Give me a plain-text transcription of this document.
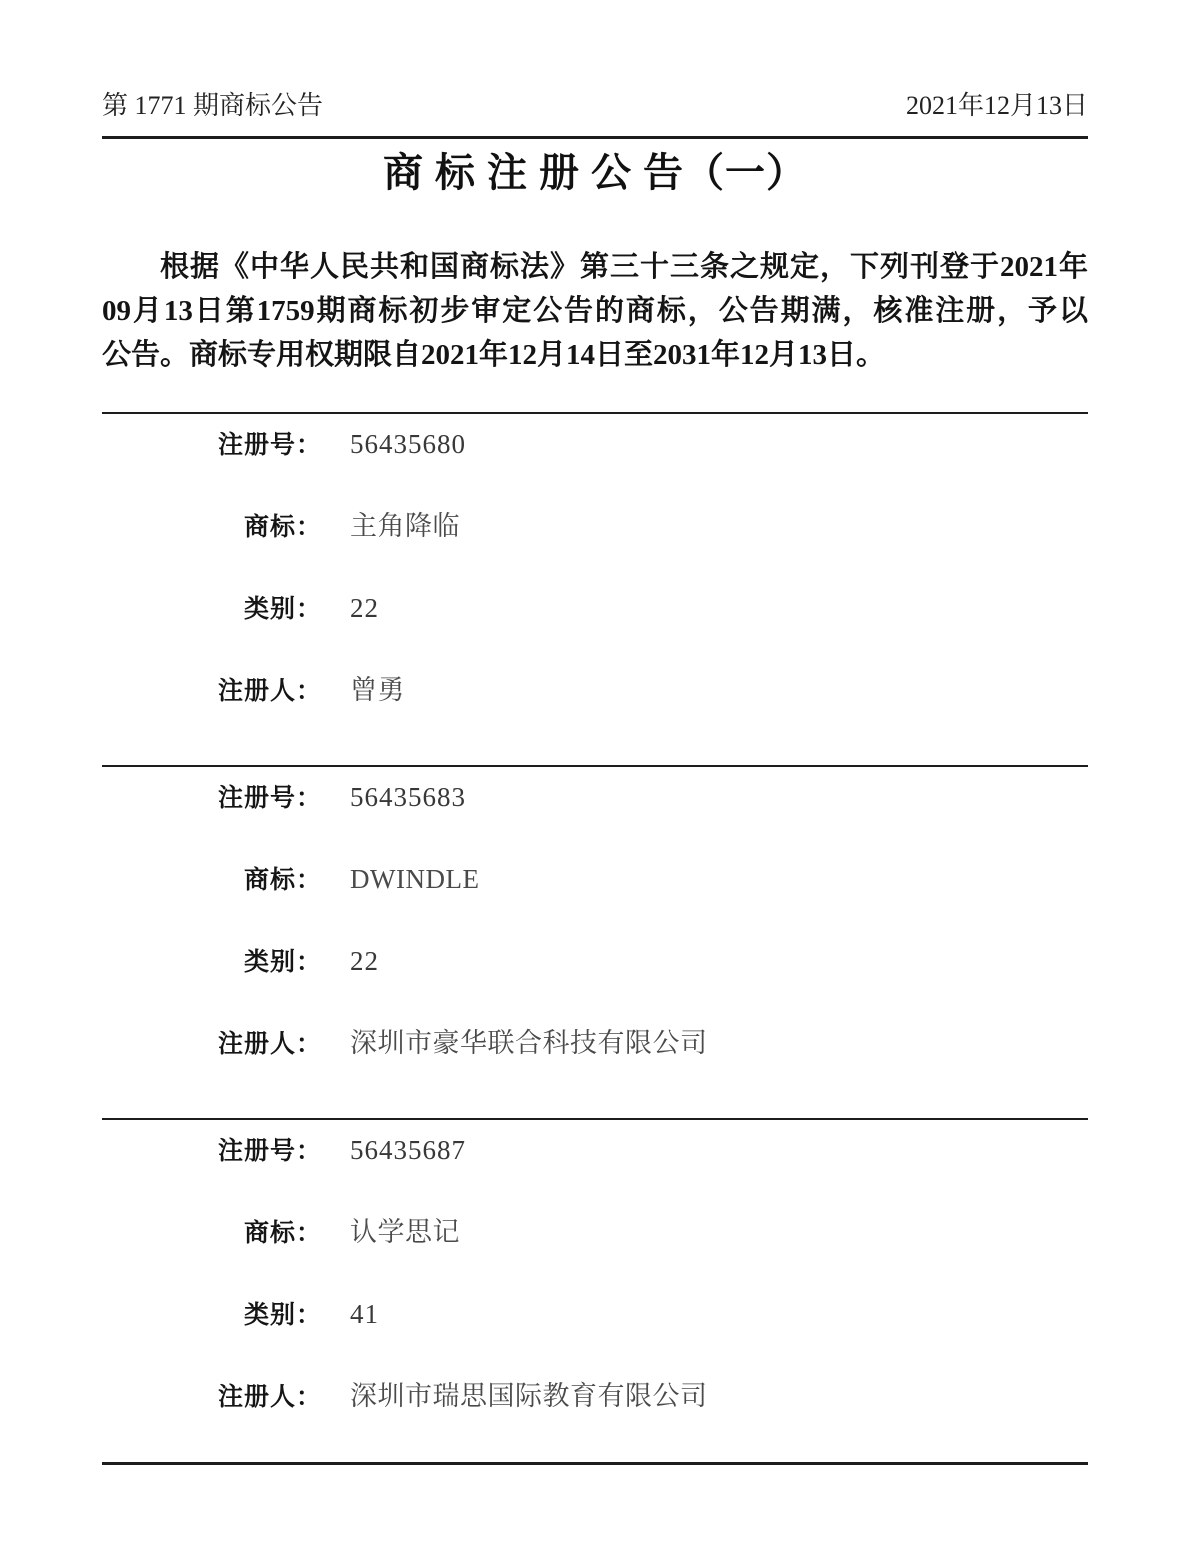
第 1771 期商标公告	2021年12月13日
商 标 注 册 公 告（一）

根据《中华人民共和国商标法》第三十三条之规定，下列刊登于2021年

09月13日第1759期商标初步审定公告的商标，公告期满，核准注册，予以

公告。商标专用权期限自2021年12月14日至2031年12月13日。

注册号： 56435680
商标： 主角降临
类别： 22
注册人： 曾勇
注册号： 56435683
商标： DWINDLE
类别： 22
注册人： 深圳市豪华联合科技有限公司
注册号： 56435687
商标： 认学思记
类别： 41
注册人： 深圳市瑞思国际教育有限公司
